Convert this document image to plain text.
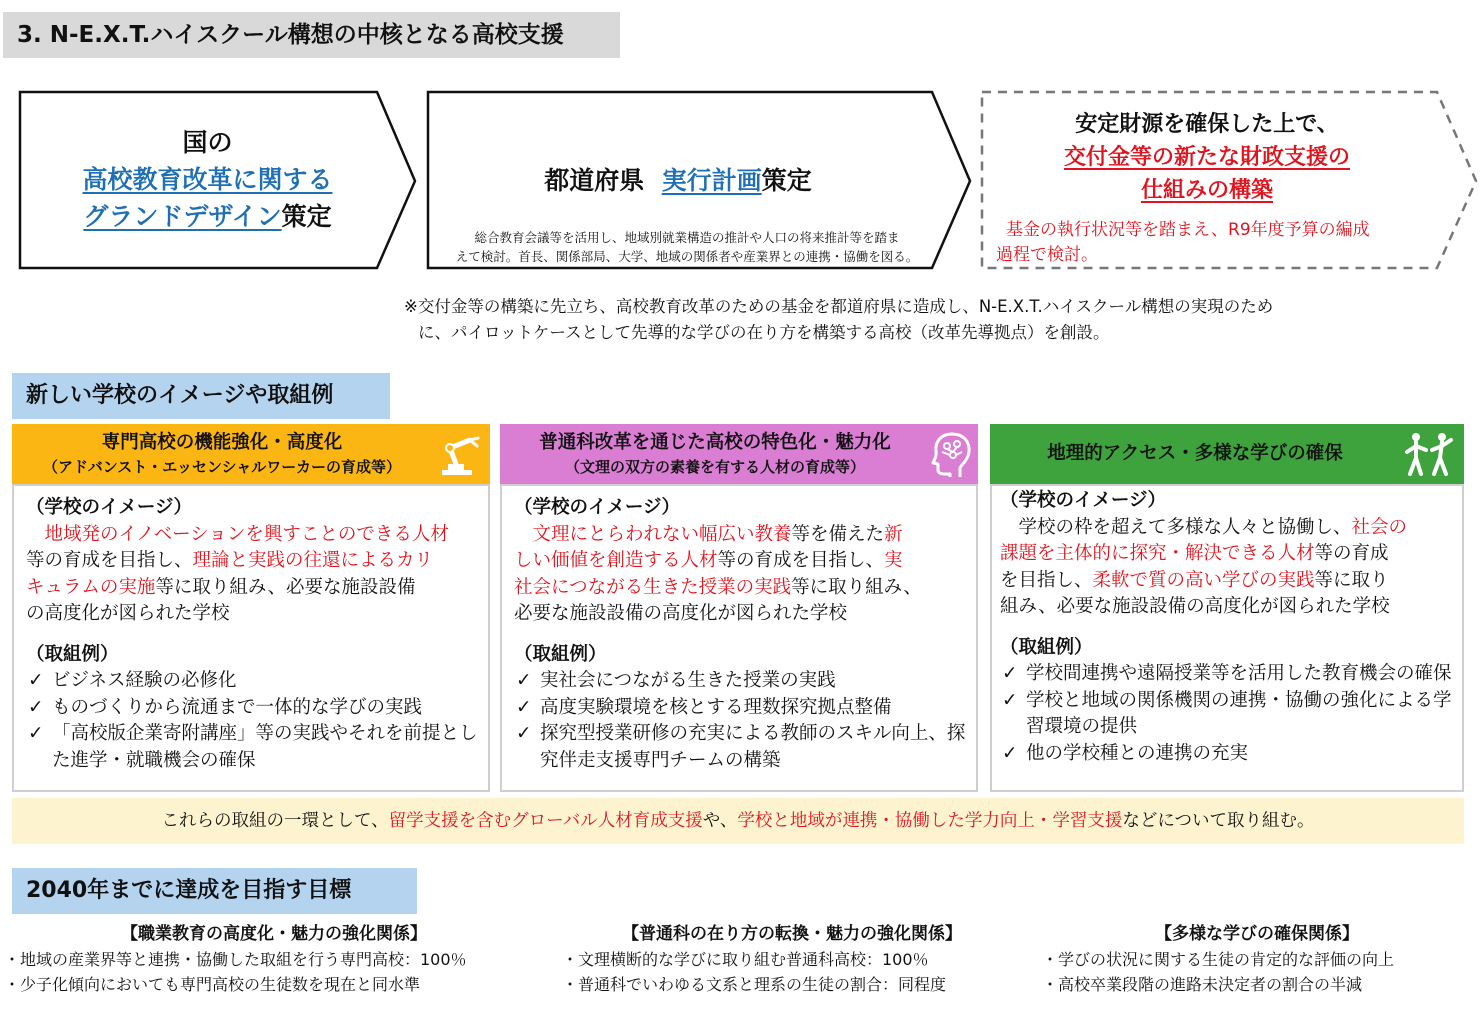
3. N-E.X.T.ハイスクール構想の中核となる高校支援
国の
高校教育改革に関する
グランドデザイン策定
都道府県 実行計画策定
総合教育会議等を活用し、地域別就業構造の推計や人口の将来推計等を踏ま
えて検討。首長、関係部局、大学、地域の関係者や産業界との連携・協働を図る。
安定財源を確保した上で、
交付金等の新たな財政支援の
仕組みの構築
基金の執行状況等を踏まえ、R9年度予算の編成
過程で検討。
※交付金等の構築に先立ち、高校教育改革のための基金を都道府県に造成し、N-E.X.T.ハイスクール構想の実現のため
に、パイロットケースとして先導的な学びの在り方を構築する高校（改革先導拠点）を創設。
新しい学校のイメージや取組例
専門高校の機能強化・高度化
（アドバンスト・エッセンシャルワーカーの育成等）

（学校のイメージ）

　地域発のイノベーションを興すことのできる人材

等の育成を目指し、理論と実践の往還によるカリ

キュラムの実施等に取り組み、必要な施設設備

の高度化が図られた学校

（取組例）

✓ ビジネス経験の必修化
✓ ものづくりから流通まで一体的な学びの実践
✓ 「高校版企業寄附講座」等の実践やそれを前提とした進学・就職機会の確保
普通科改革を通じた高校の特色化・魅力化
（文理の双方の素養を有する人材の育成等）

（学校のイメージ）

　文理にとらわれない幅広い教養等を備えた新

しい価値を創造する人材等の育成を目指し、実

社会につながる生きた授業の実践等に取り組み、

必要な施設設備の高度化が図られた学校

（取組例）

✓ 実社会につながる生きた授業の実践
✓ 高度実験環境を核とする理数探究拠点整備
✓ 探究型授業研修の充実による教師のスキル向上、探究伴走支援専門チームの構築
地理的アクセス・多様な学びの確保

（学校のイメージ）

　学校の枠を超えて多様な人々と協働し、社会の

課題を主体的に探究・解決できる人材等の育成

を目指し、柔軟で質の高い学びの実践等に取り

組み、必要な施設設備の高度化が図られた学校

（取組例）

✓ 学校間連携や遠隔授業等を活用した教育機会の確保
✓ 学校と地域の関係機関の連携・協働の強化による学習環境の提供
✓ 他の学校種との連携の充実
これらの取組の一環として、留学支援を含むグローバル人材育成支援や、学校と地域が連携・協働した学力向上・学習支援などについて取り組む。
2040年までに達成を目指す目標
【職業教育の高度化・魅力の強化関係】
・地域の産業界等と連携・協働した取組を行う専門高校：100％
・少子化傾向においても専門高校の生徒数を現在と同水準
【普通科の在り方の転換・魅力の強化関係】
・文理横断的な学びに取り組む普通科高校：100％
・普通科でいわゆる文系と理系の生徒の割合：同程度
【多様な学びの確保関係】
・学びの状況に関する生徒の肯定的な評価の向上
・高校卒業段階の進路未決定者の割合の半減
